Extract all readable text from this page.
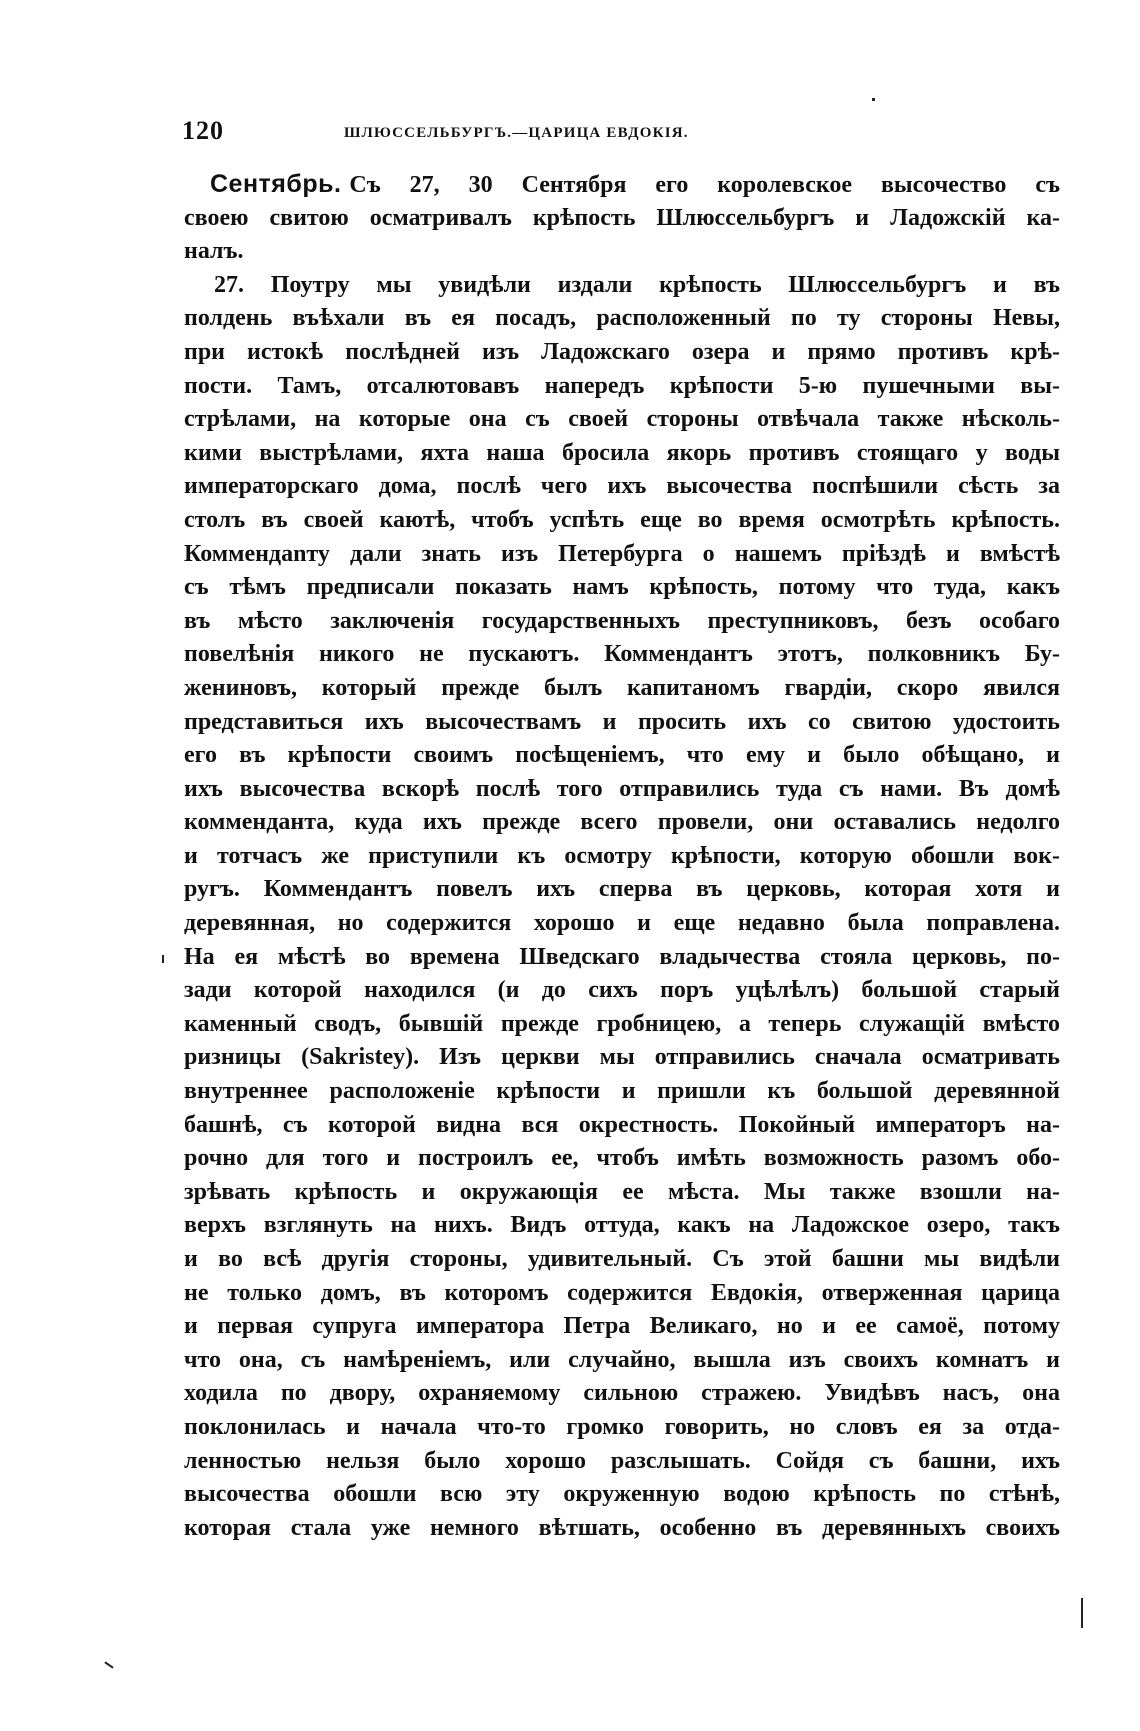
120	ШЛЮССЕЛЬБУРГЪ.—ЦАРИЦА ЕВДОКІЯ.
Сентябрь. Съ 27, 30 Сентября его королевское высочество съ
своею свитою осматривалъ крѣпость Шлюссельбургъ и Ладожскій ка-
налъ.
27. Поутру мы увидѣли издали крѣпость Шлюссельбургъ и въ
полдень въѣхали въ ея посадъ, расположенный по ту стороны Невы,
при истокѣ послѣдней изъ Ладожскаго озера и прямо противъ крѣ-
пости. Тамъ, отсалютовавъ напередъ крѣпости 5-ю пушечными вы-
стрѣлами, на которые она съ своей стороны отвѣчала также нѣсколь-
кими выстрѣлами, яхта наша бросила якорь противъ стоящаго у воды
императорскаго дома, послѣ чего ихъ высочества поспѣшили сѣсть за
столъ въ своей каютѣ, чтобъ успѣть еще во время осмотрѣть крѣпость.
Коммендanту дали знать изъ Петербурга о нашемъ пріѣздѣ и вмѣстѣ
съ тѣмъ предписали показать намъ крѣпость, потому что туда, какъ
въ мѣсто заключенія государственныхъ преступниковъ, безъ особаго
повелѣнія никого не пускаютъ. Коммендантъ этотъ, полковникъ Бу-
жениновъ, который прежде былъ капитаномъ гвардіи, скоро явился
представиться ихъ высочествамъ и просить ихъ со свитою удостоить
его въ крѣпости своимъ посѣщеніемъ, что ему и было обѣщано, и
ихъ высочества вскорѣ послѣ того отправились туда съ нами. Въ домѣ
комменданта, куда ихъ прежде всего провели, они оставались недолго
и тотчасъ же приступили къ осмотру крѣпости, которую обошли вок-
ругъ. Коммендантъ повелъ ихъ сперва въ церковь, которая хотя и
деревянная, но содержится хорошо и еще недавно была поправлена.
На ея мѣстѣ во времена Шведскаго владычества стояла церковь, по-
зади которой находился (и до сихъ поръ уцѣлѣлъ) большой старый
каменный сводъ, бывшій прежде гробницею, а теперь служащій вмѣсто
ризницы (Sakristey). Изъ церкви мы отправились сначала осматривать
внутреннее расположеніе крѣпости и пришли къ большой деревянной
башнѣ, съ которой видна вся окрестность. Покойный императоръ на-
рочно для того и построилъ ее, чтобъ имѣть возможность разомъ обо-
зрѣвать крѣпость и окружающія ее мѣста. Мы также взошли на-
верхъ взглянуть на нихъ. Видъ оттуда, какъ на Ладожское озеро, такъ
и во всѣ другія стороны, удивительный. Съ этой башни мы видѣли
не только домъ, въ которомъ содержится Евдокія, отверженная царица
и первая супруга императора Петра Великаго, но и ее самоё, потому
что она, съ намѣреніемъ, или случайно, вышла изъ своихъ комнатъ и
ходила по двору, охраняемому сильною стражею. Увидѣвъ насъ, она
поклонилась и начала что-то громко говорить, но словъ ея за отда-
ленностью нельзя было хорошо разслышать. Сойдя съ башни, ихъ
высочества обошли всю эту окруженную водою крѣпость по стѣнѣ,
которая стала уже немного вѣтшать, особенно въ деревянныхъ своихъ
